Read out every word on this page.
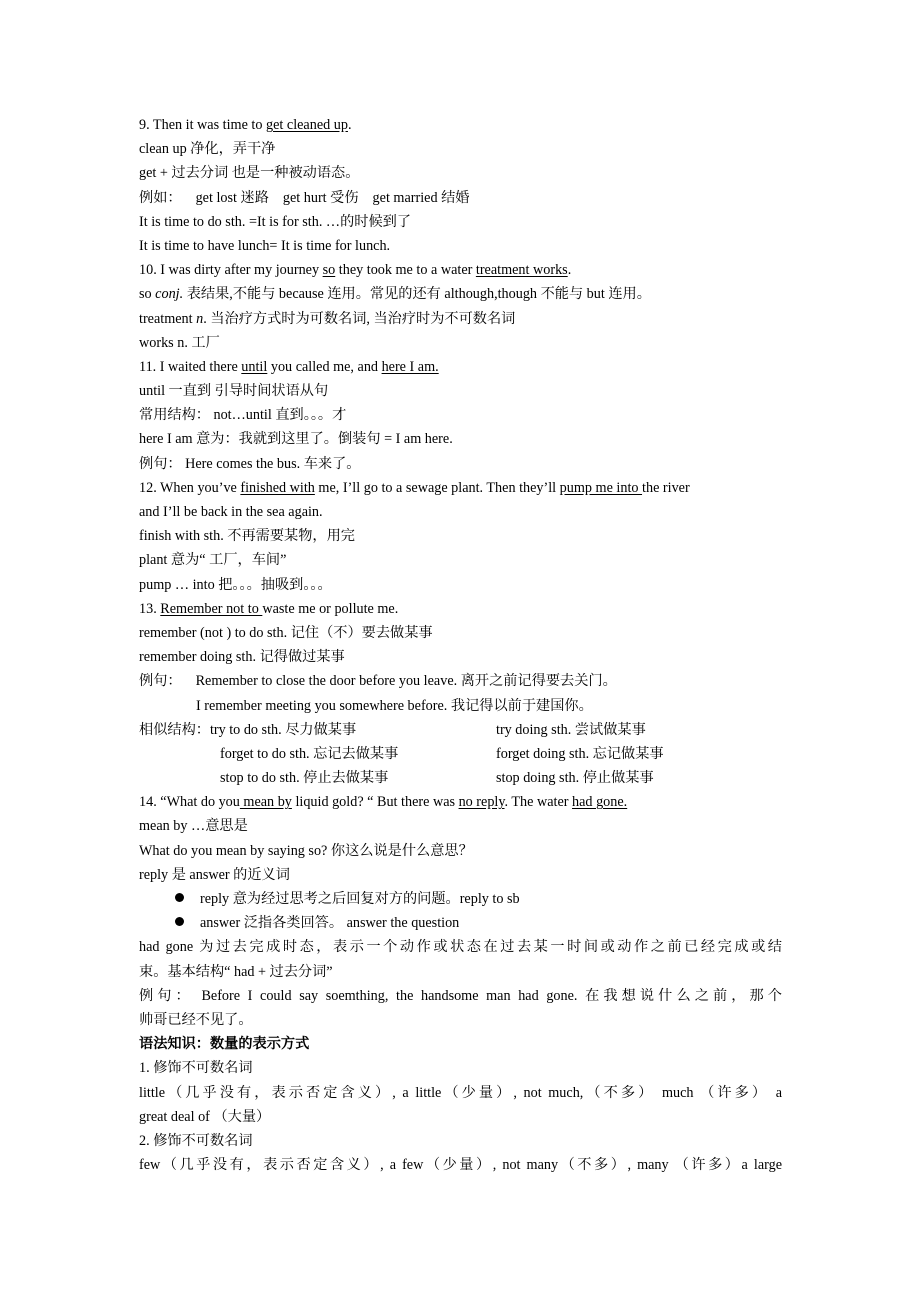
9. Then it was time to get cleaned up.
clean up 净化，弄干净
get + 过去分词 也是一种被动语态。
例如： get lost 迷路 get hurt 受伤 get married 结婚
It is time to do sth. =It is for sth. …的时候到了
It is time to have lunch= It is time for lunch.
10. I was dirty after my journey so they took me to a water treatment works.
so conj. 表结果,不能与 because 连用。常见的还有 although,though 不能与 but 连用。
treatment n. 当治疗方式时为可数名词, 当治疗时为不可数名词
works n. 工厂
11. I waited there until you called me, and here I am.
until 一直到 引导时间状语从句
常用结构： not…until 直到。。。才
here I am 意为：我就到这里了。倒装句 = I am here.
例句： Here comes the bus. 车来了。
12. When you’ve finished with me, I’ll go to a sewage plant. Then they’ll pump me into the river
and I’ll be back in the sea again.
finish with sth. 不再需要某物，用完
plant 意为“ 工厂，车间”
pump … into 把。。。抽吸到。。。
13. Remember not to waste me or pollute me.
remember (not ) to do sth. 记住（不）要去做某事
remember doing sth. 记得做过某事
例句： Remember to close the door before you leave. 离开之前记得要去关门。
I remember meeting you somewhere before. 我记得以前于建国你。
相似结构：try to do sth. 尽力做某事	try doing sth. 尝试做某事
forget to do sth. 忘记去做某事	forget doing sth. 忘记做某事
stop to do sth. 停止去做某事	stop doing sth. 停止做某事
14. “What do you mean by liquid gold? “ But there was no reply. The water had gone.
mean by …意思是
What do you mean by saying so? 你这么说是什么意思？
reply 是 answer 的近义词
reply 意为经过思考之后回复对方的问题。reply to sb
answer 泛指各类回答。 answer the question
had gone 为过去完成时态，表示一个动作或状态在过去某一时间或动作之前已经完成或结
束。基本结构“ had + 过去分词”
例句： Before I could say soemthing, the handsome man had gone. 在我想说什么之前，那个
帅哥已经不见了。
语法知识：数量的表示方式
1. 修饰不可数名词
little（几乎没有，表示否定含义）, a little（少量）, not much,（不多） much （许多） a
great deal of （大量）
2. 修饰不可数名词
few（几乎没有，表示否定含义）, a few（少量）, not many（不多）, many （许多）a large
